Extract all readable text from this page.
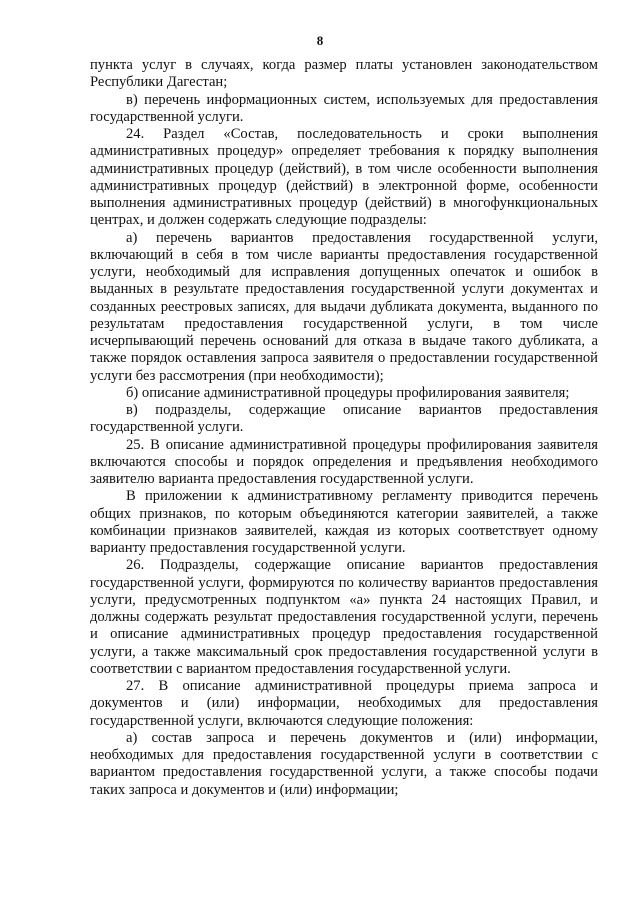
8

пункта услуг в случаях, когда размер платы установлен законодательством Республики Дагестан;

в) перечень информационных систем, используемых для предоставления государственной услуги.

24. Раздел «Состав, последовательность и сроки выполнения административных процедур» определяет требования к порядку выполнения административных процедур (действий), в том числе особенности выполнения административных процедур (действий) в электронной форме, особенности выполнения административных процедур (действий) в многофункциональных центрах, и должен содержать следующие подразделы:

а) перечень вариантов предоставления государственной услуги, включающий в себя в том числе варианты предоставления государственной услуги, необходимый для исправления допущенных опечаток и ошибок в выданных в результате предоставления государственной услуги документах и созданных реестровых записях, для выдачи дубликата документа, выданного по результатам предоставления государственной услуги, в том числе исчерпывающий перечень оснований для отказа в выдаче такого дубликата, а также порядок оставления запроса заявителя о предоставлении государственной услуги без рассмотрения (при необходимости);

б) описание административной процедуры профилирования заявителя;

в) подразделы, содержащие описание вариантов предоставления государственной услуги.

25. В описание административной процедуры профилирования заявителя включаются способы и порядок определения и предъявления необходимого заявителю варианта предоставления государственной услуги.

В приложении к административному регламенту приводится перечень общих признаков, по которым объединяются категории заявителей, а также комбинации признаков заявителей, каждая из которых соответствует одному варианту предоставления государственной услуги.

26. Подразделы, содержащие описание вариантов предоставления государственной услуги, формируются по количеству вариантов предоставления услуги, предусмотренных подпунктом «а» пункта 24 настоящих Правил, и должны содержать результат предоставления государственной услуги, перечень и описание административных процедур предоставления государственной услуги, а также максимальный срок предоставления государственной услуги в соответствии с вариантом предоставления государственной услуги.

27. В описание административной процедуры приема запроса и документов и (или) информации, необходимых для предоставления государственной услуги, включаются следующие положения:

а) состав запроса и перечень документов и (или) информации, необходимых для предоставления государственной услуги в соответствии с вариантом предоставления государственной услуги, а также способы подачи таких запроса и документов и (или) информации;
